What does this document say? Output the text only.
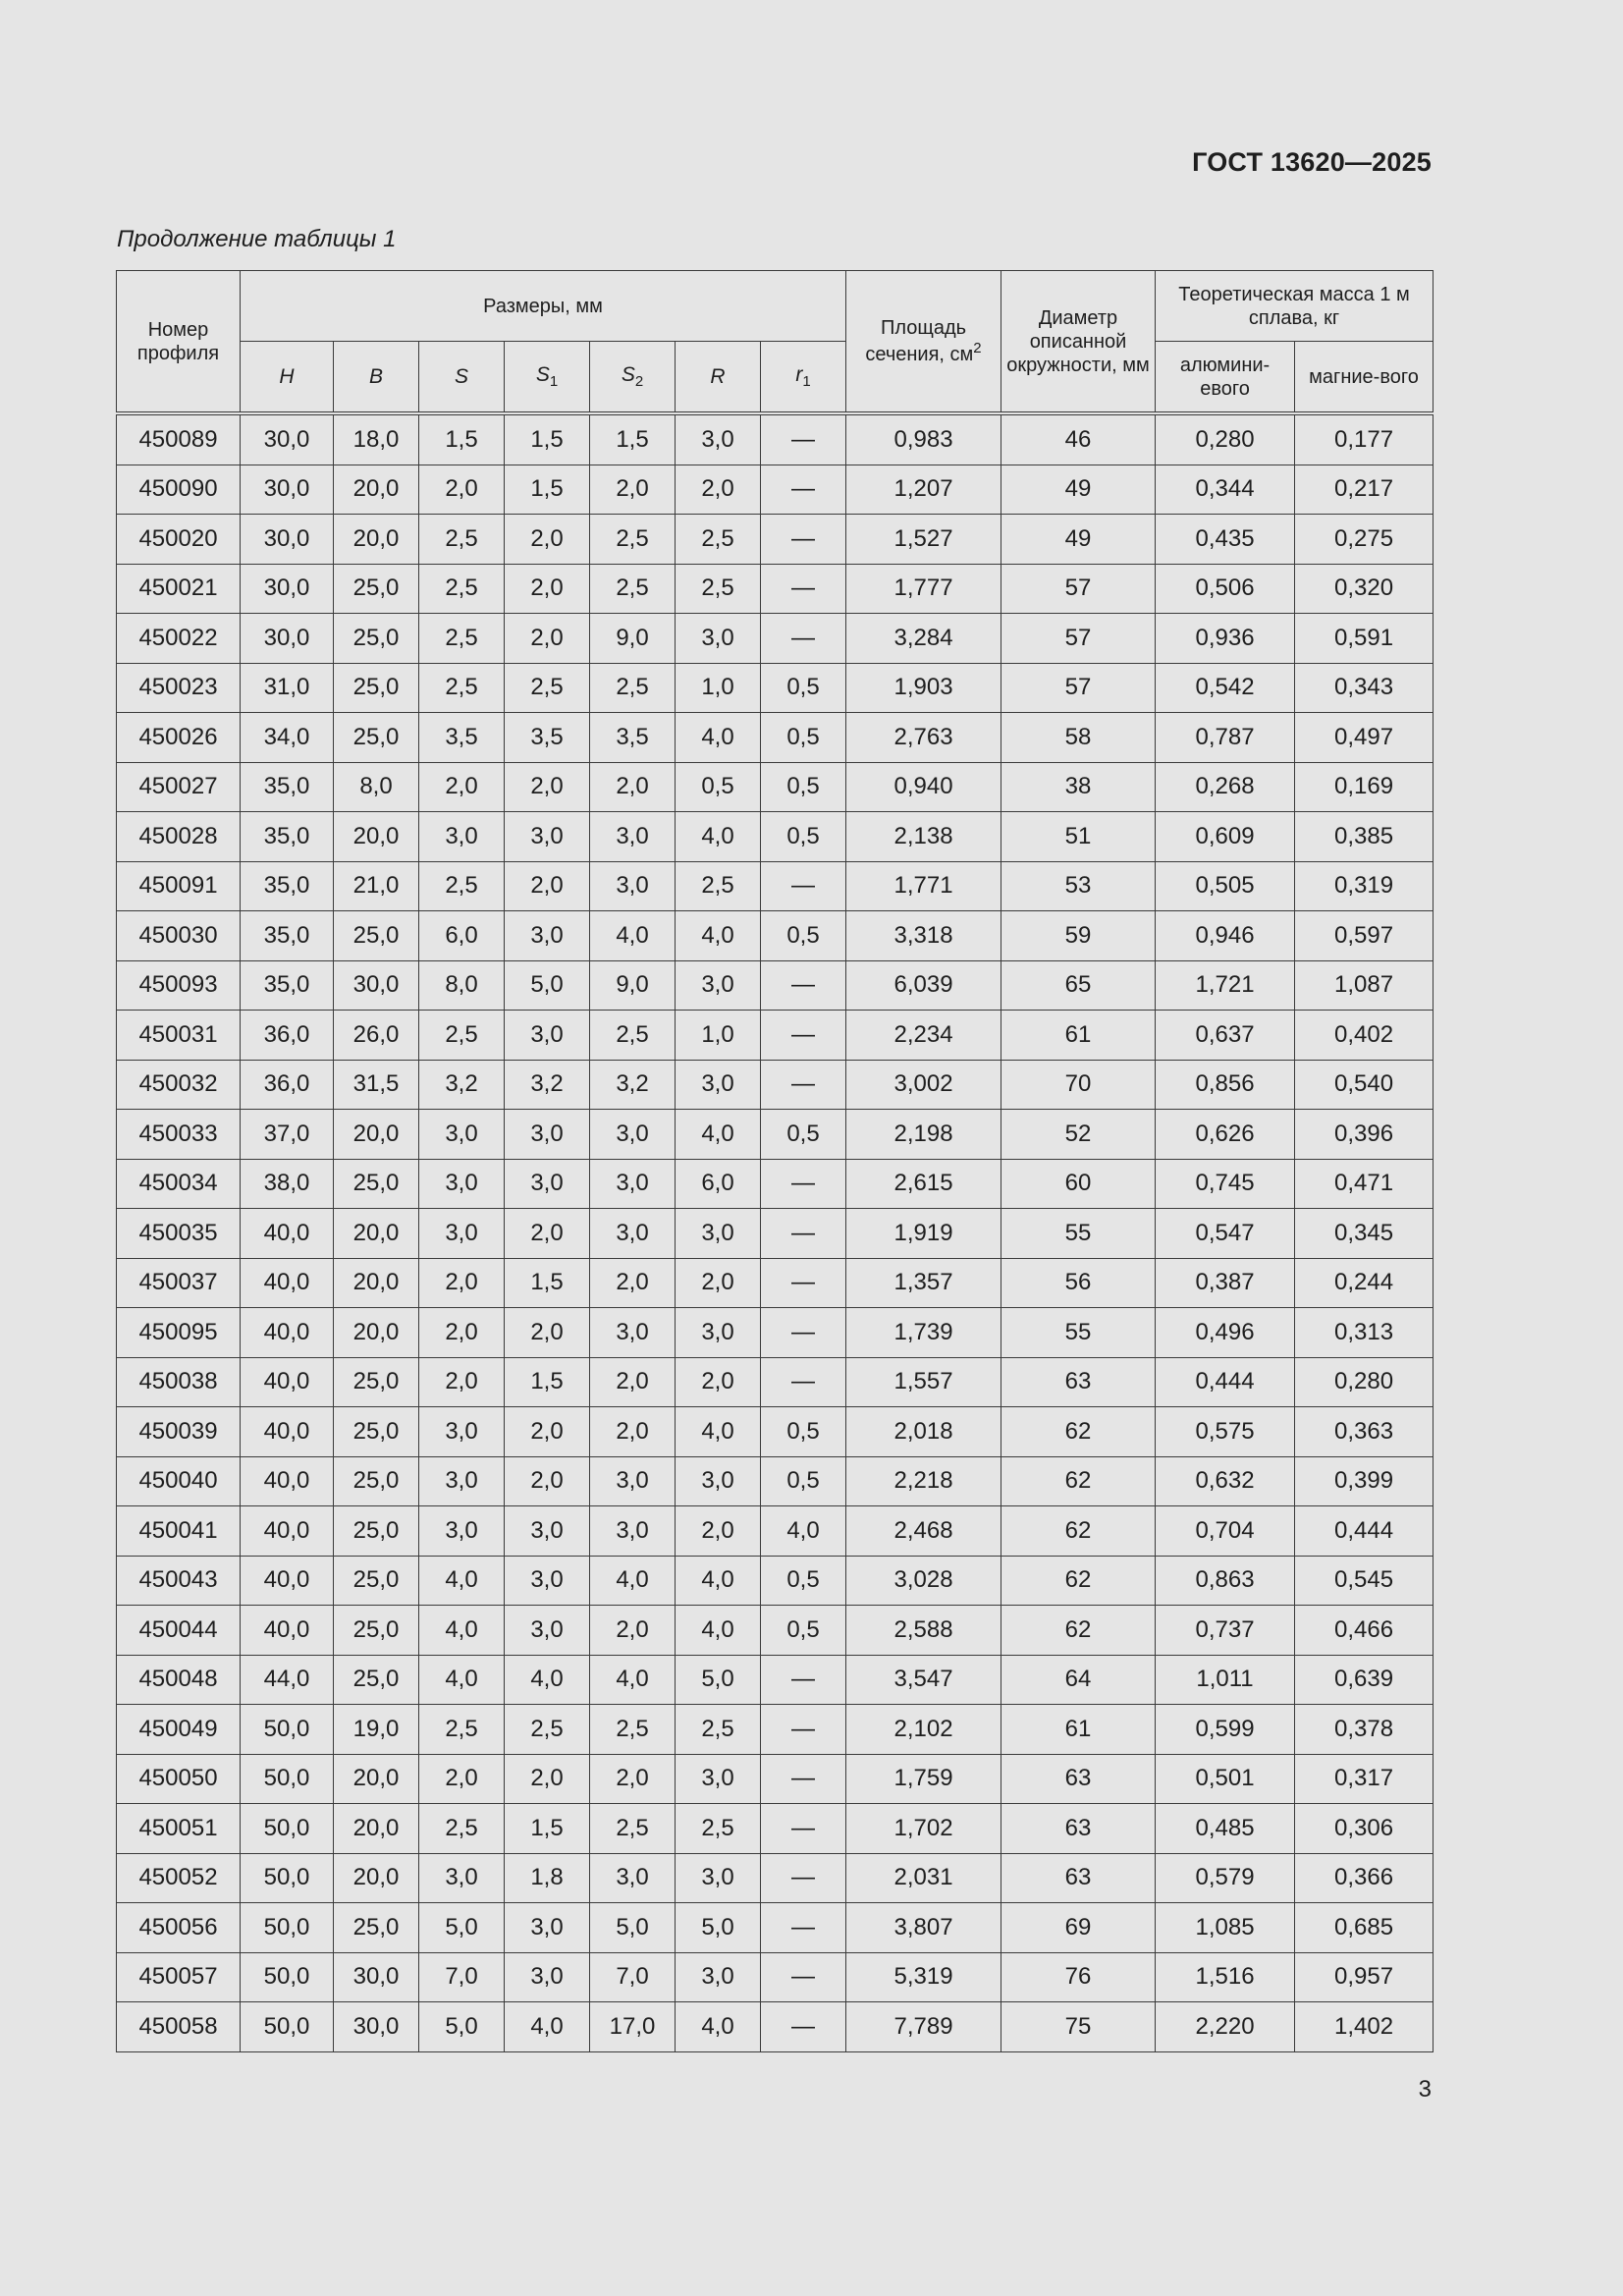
ГОСТ 13620—2025
Продолжение таблицы 1
Номер профиля	Размеры, мм							Площадь сечения, $см^2$	Диаметр описанной окружности, мм	Теоретическая масса 1 м сплава, кг	
	H	B	S	$S_1$	$S_2$	R	$r_1$			алюмини-евого	магние-вого
450089	30,0	18,0	1,5	1,5	1,5	3,0	—	0,983	46	0,280	0,177
450090	30,0	20,0	2,0	1,5	2,0	2,0	—	1,207	49	0,344	0,217
450020	30,0	20,0	2,5	2,0	2,5	2,5	—	1,527	49	0,435	0,275
450021	30,0	25,0	2,5	2,0	2,5	2,5	—	1,777	57	0,506	0,320
450022	30,0	25,0	2,5	2,0	9,0	3,0	—	3,284	57	0,936	0,591
450023	31,0	25,0	2,5	2,5	2,5	1,0	0,5	1,903	57	0,542	0,343
450026	34,0	25,0	3,5	3,5	3,5	4,0	0,5	2,763	58	0,787	0,497
450027	35,0	8,0	2,0	2,0	2,0	0,5	0,5	0,940	38	0,268	0,169
450028	35,0	20,0	3,0	3,0	3,0	4,0	0,5	2,138	51	0,609	0,385
450091	35,0	21,0	2,5	2,0	3,0	2,5	—	1,771	53	0,505	0,319
450030	35,0	25,0	6,0	3,0	4,0	4,0	0,5	3,318	59	0,946	0,597
450093	35,0	30,0	8,0	5,0	9,0	3,0	—	6,039	65	1,721	1,087
450031	36,0	26,0	2,5	3,0	2,5	1,0	—	2,234	61	0,637	0,402
450032	36,0	31,5	3,2	3,2	3,2	3,0	—	3,002	70	0,856	0,540
450033	37,0	20,0	3,0	3,0	3,0	4,0	0,5	2,198	52	0,626	0,396
450034	38,0	25,0	3,0	3,0	3,0	6,0	—	2,615	60	0,745	0,471
450035	40,0	20,0	3,0	2,0	3,0	3,0	—	1,919	55	0,547	0,345
450037	40,0	20,0	2,0	1,5	2,0	2,0	—	1,357	56	0,387	0,244
450095	40,0	20,0	2,0	2,0	3,0	3,0	—	1,739	55	0,496	0,313
450038	40,0	25,0	2,0	1,5	2,0	2,0	—	1,557	63	0,444	0,280
450039	40,0	25,0	3,0	2,0	2,0	4,0	0,5	2,018	62	0,575	0,363
450040	40,0	25,0	3,0	2,0	3,0	3,0	0,5	2,218	62	0,632	0,399
450041	40,0	25,0	3,0	3,0	3,0	2,0	4,0	2,468	62	0,704	0,444
450043	40,0	25,0	4,0	3,0	4,0	4,0	0,5	3,028	62	0,863	0,545
450044	40,0	25,0	4,0	3,0	2,0	4,0	0,5	2,588	62	0,737	0,466
450048	44,0	25,0	4,0	4,0	4,0	5,0	—	3,547	64	1,011	0,639
450049	50,0	19,0	2,5	2,5	2,5	2,5	—	2,102	61	0,599	0,378
450050	50,0	20,0	2,0	2,0	2,0	3,0	—	1,759	63	0,501	0,317
450051	50,0	20,0	2,5	1,5	2,5	2,5	—	1,702	63	0,485	0,306
450052	50,0	20,0	3,0	1,8	3,0	3,0	—	2,031	63	0,579	0,366
450056	50,0	25,0	5,0	3,0	5,0	5,0	—	3,807	69	1,085	0,685
450057	50,0	30,0	7,0	3,0	7,0	3,0	—	5,319	76	1,516	0,957
450058	50,0	30,0	5,0	4,0	17,0	4,0	—	7,789	75	2,220	1,402
3
